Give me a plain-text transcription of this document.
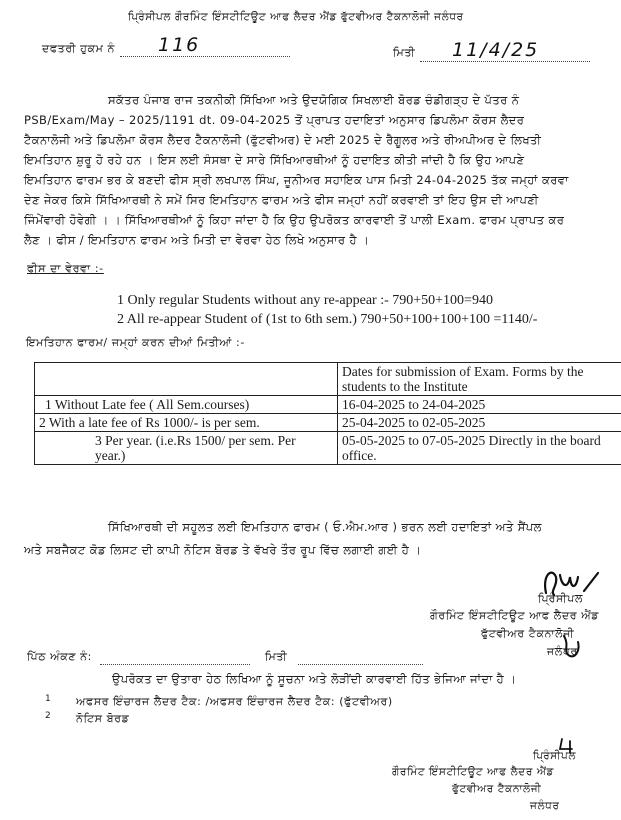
ਪ੍ਰਿੰਸੀਪਲ ਗੌਰਮਿੰਟ ਇੰਸਟੀਟਿਊਟ ਆਫ ਲੈਦਰ ਐਂਡ ਫੁੱਟਵੀਅਰ ਟੈਕਨਾਲੋਜੀ ਜਲੰਧਰ
ਦਫਤਰੀ ਹੁਕਮ ਨੰ 116	ਮਿਤੀ 11/4/25
ਸਕੱਤਰ ਪੰਜਾਬ ਰਾਜ ਤਕਨੀਕੀ ਸਿੱਖਿਆ ਅਤੇ ਉਦਯੋਗਿਕ ਸਿਖਲਾਈ ਬੋਰਡ ਚੰਡੀਗੜ੍ਹ ਦੇ ਪੱਤਰ ਨੰ
PSB/Exam/May – 2025/1191 dt. 09-04-2025 ਤੋਂ ਪ੍ਰਾਪਤ ਹਦਾਇਤਾਂ ਅਨੁਸਾਰ ਡਿਪਲੋਮਾ ਕੋਰਸ ਲੈਦਰ
ਟੈਕਨਾਲੋਜੀ ਅਤੇ ਡਿਪਲੋਮਾ ਕੋਰਸ ਲੈਦਰ ਟੈਕਨਾਲੋਜੀ (ਫੁੱਟਵੀਅਰ) ਦੇ ਮਈ 2025 ਦੇ ਰੈਗੂਲਰ ਅਤੇ ਰੀਅਪੀਅਰ ਦੇ ਲਿਖਤੀ
ਇਮਤਿਹਾਨ ਸ਼ੁਰੂ ਹੋ ਰਹੇ ਹਨ । ਇਸ ਲਈ ਸੰਸਥਾ ਦੇ ਸਾਰੇ ਸਿੱਖਿਆਰਥੀਆਂ ਨੂੰ ਹਦਾਇਤ ਕੀਤੀ ਜਾਂਦੀ ਹੈ ਕਿ ਉਹ ਆਪਣੇ
ਇਮਤਿਹਾਨ ਫਾਰਮ ਭਰ ਕੇ ਬਣਦੀ ਫੀਸ ਸ੍ਰੀ ਲਖਪਾਲ ਸਿੰਘ, ਜੂਨੀਅਰ ਸਹਾਇਕ ਪਾਸ ਮਿਤੀ 24-04-2025 ਤੱਕ ਜਮ੍ਹਾਂ ਕਰਵਾ
ਦੇਣ ਜੇਕਰ ਕਿਸੇ ਸਿੱਖਿਆਰਥੀ ਨੇ ਸਮੇਂ ਸਿਰ ਇਮਤਿਹਾਨ ਫਾਰਮ ਅਤੇ ਫੀਸ ਜਮ੍ਹਾਂ ਨਹੀਂ ਕਰਵਾਈ ਤਾਂ ਇਹ ਉਸ ਦੀ ਆਪਣੀ
ਜਿੰਮੇਂਵਾਰੀ ਹੋਵੇਗੀ । । ਸਿੱਖਿਆਰਥੀਆਂ ਨੂੰ ਕਿਹਾ ਜਾਂਦਾ ਹੈ ਕਿ ਉਹ ਉਪਰੋਕਤ ਕਾਰਵਾਈ ਤੋਂ ਪਾਲੀ Exam. ਫਾਰਮ ਪ੍ਰਾਪਤ ਕਰ
ਲੈਣ । ਫੀਸ / ਇਮਤਿਹਾਨ ਫਾਰਮ ਅਤੇ ਮਿਤੀ ਦਾ ਵੇਰਵਾ ਹੇਠ ਲਿਖੇ ਅਨੁਸਾਰ ਹੈ ।
ਫੀਸ ਦਾ ਵੇਰਵਾ :-
1 Only regular Students without any re-appear :- 790+50+100=940
2 All re-appear Student of (1st to 6th sem.) 790+50+100+100+100 =1140/-
ਇਮਤਿਹਾਨ ਫਾਰਮ/ ਜਮ੍ਹਾਂ ਕਰਨ ਦੀਆਂ ਮਿਤੀਆਂ :-
	Dates for submission of Exam. Forms by the students to the Institute
1 Without Late fee ( All Sem.courses)	16-04-2025 to 24-04-2025
2 With a late fee of Rs 1000/- is per sem.	25-04-2025 to 02-05-2025
3 Per year. (i.e.Rs 1500/ per sem. Per year.)	05-05-2025 to 07-05-2025 Directly in the board office.
ਸਿੱਖਿਆਰਥੀ ਦੀ ਸਹੂਲਤ ਲਈ ਇਮਤਿਹਾਨ ਫਾਰਮ ( ਓ.ਐਮ.ਆਰ ) ਭਰਨ ਲਈ ਹਦਾਇਤਾਂ ਅਤੇ ਸੈਂਪਲ
ਅਤੇ ਸਬਜੈਕਟ ਕੋਡ ਲਿਸਟ ਦੀ ਕਾਪੀ ਨੋਟਿਸ ਬੋਰਡ ਤੇ ਵੱਖਰੇ ਤੌਰ ਰੂਪ ਵਿੱਚ ਲਗਾਈ ਗਈ ਹੈ ।
ਪ੍ਰਿੰਸੀਪਲ
ਗੌਰਮਿੰਟ ਇੰਸਟੀਟਿਊਟ ਆਫ ਲੈਦਰ ਐਂਡ
ਫੁੱਟਵੀਅਰ ਟੈਕਨਾਲੋਜੀ
ਜਲੰਧਰ
ਪਿੱਠ ਅੰਕਣ ਨੰ:	ਮਿਤੀ
ਉਪਰੋਕਤ ਦਾ ਉਤਾਰਾ ਹੇਠ ਲਿਖਿਆ ਨੂੰ ਸੂਚਨਾ ਅਤੇ ਲੋੜੀਂਦੀ ਕਾਰਵਾਈ ਹਿੱਤ ਭੇਜਿਆ ਜਾਂਦਾ ਹੈ ।
1 ਅਫਸਰ ਇੰਚਾਰਜ ਲੈਦਰ ਟੈਕ: /ਅਫਸਰ ਇੰਚਾਰਜ ਲੈਦਰ ਟੈਕ: (ਫੁੱਟਵੀਅਰ)
2 ਨੋਟਿਸ ਬੋਰਡ
ਪ੍ਰਿੰਸੀਪਲ
ਗੌਰਮਿੰਟ ਇੰਸਟੀਟਿਊਟ ਆਫ ਲੈਦਰ ਐਂਡ
ਫੁੱਟਵੀਅਰ ਟੈਕਨਾਲੋਜੀ
ਜਲੰਧਰ
